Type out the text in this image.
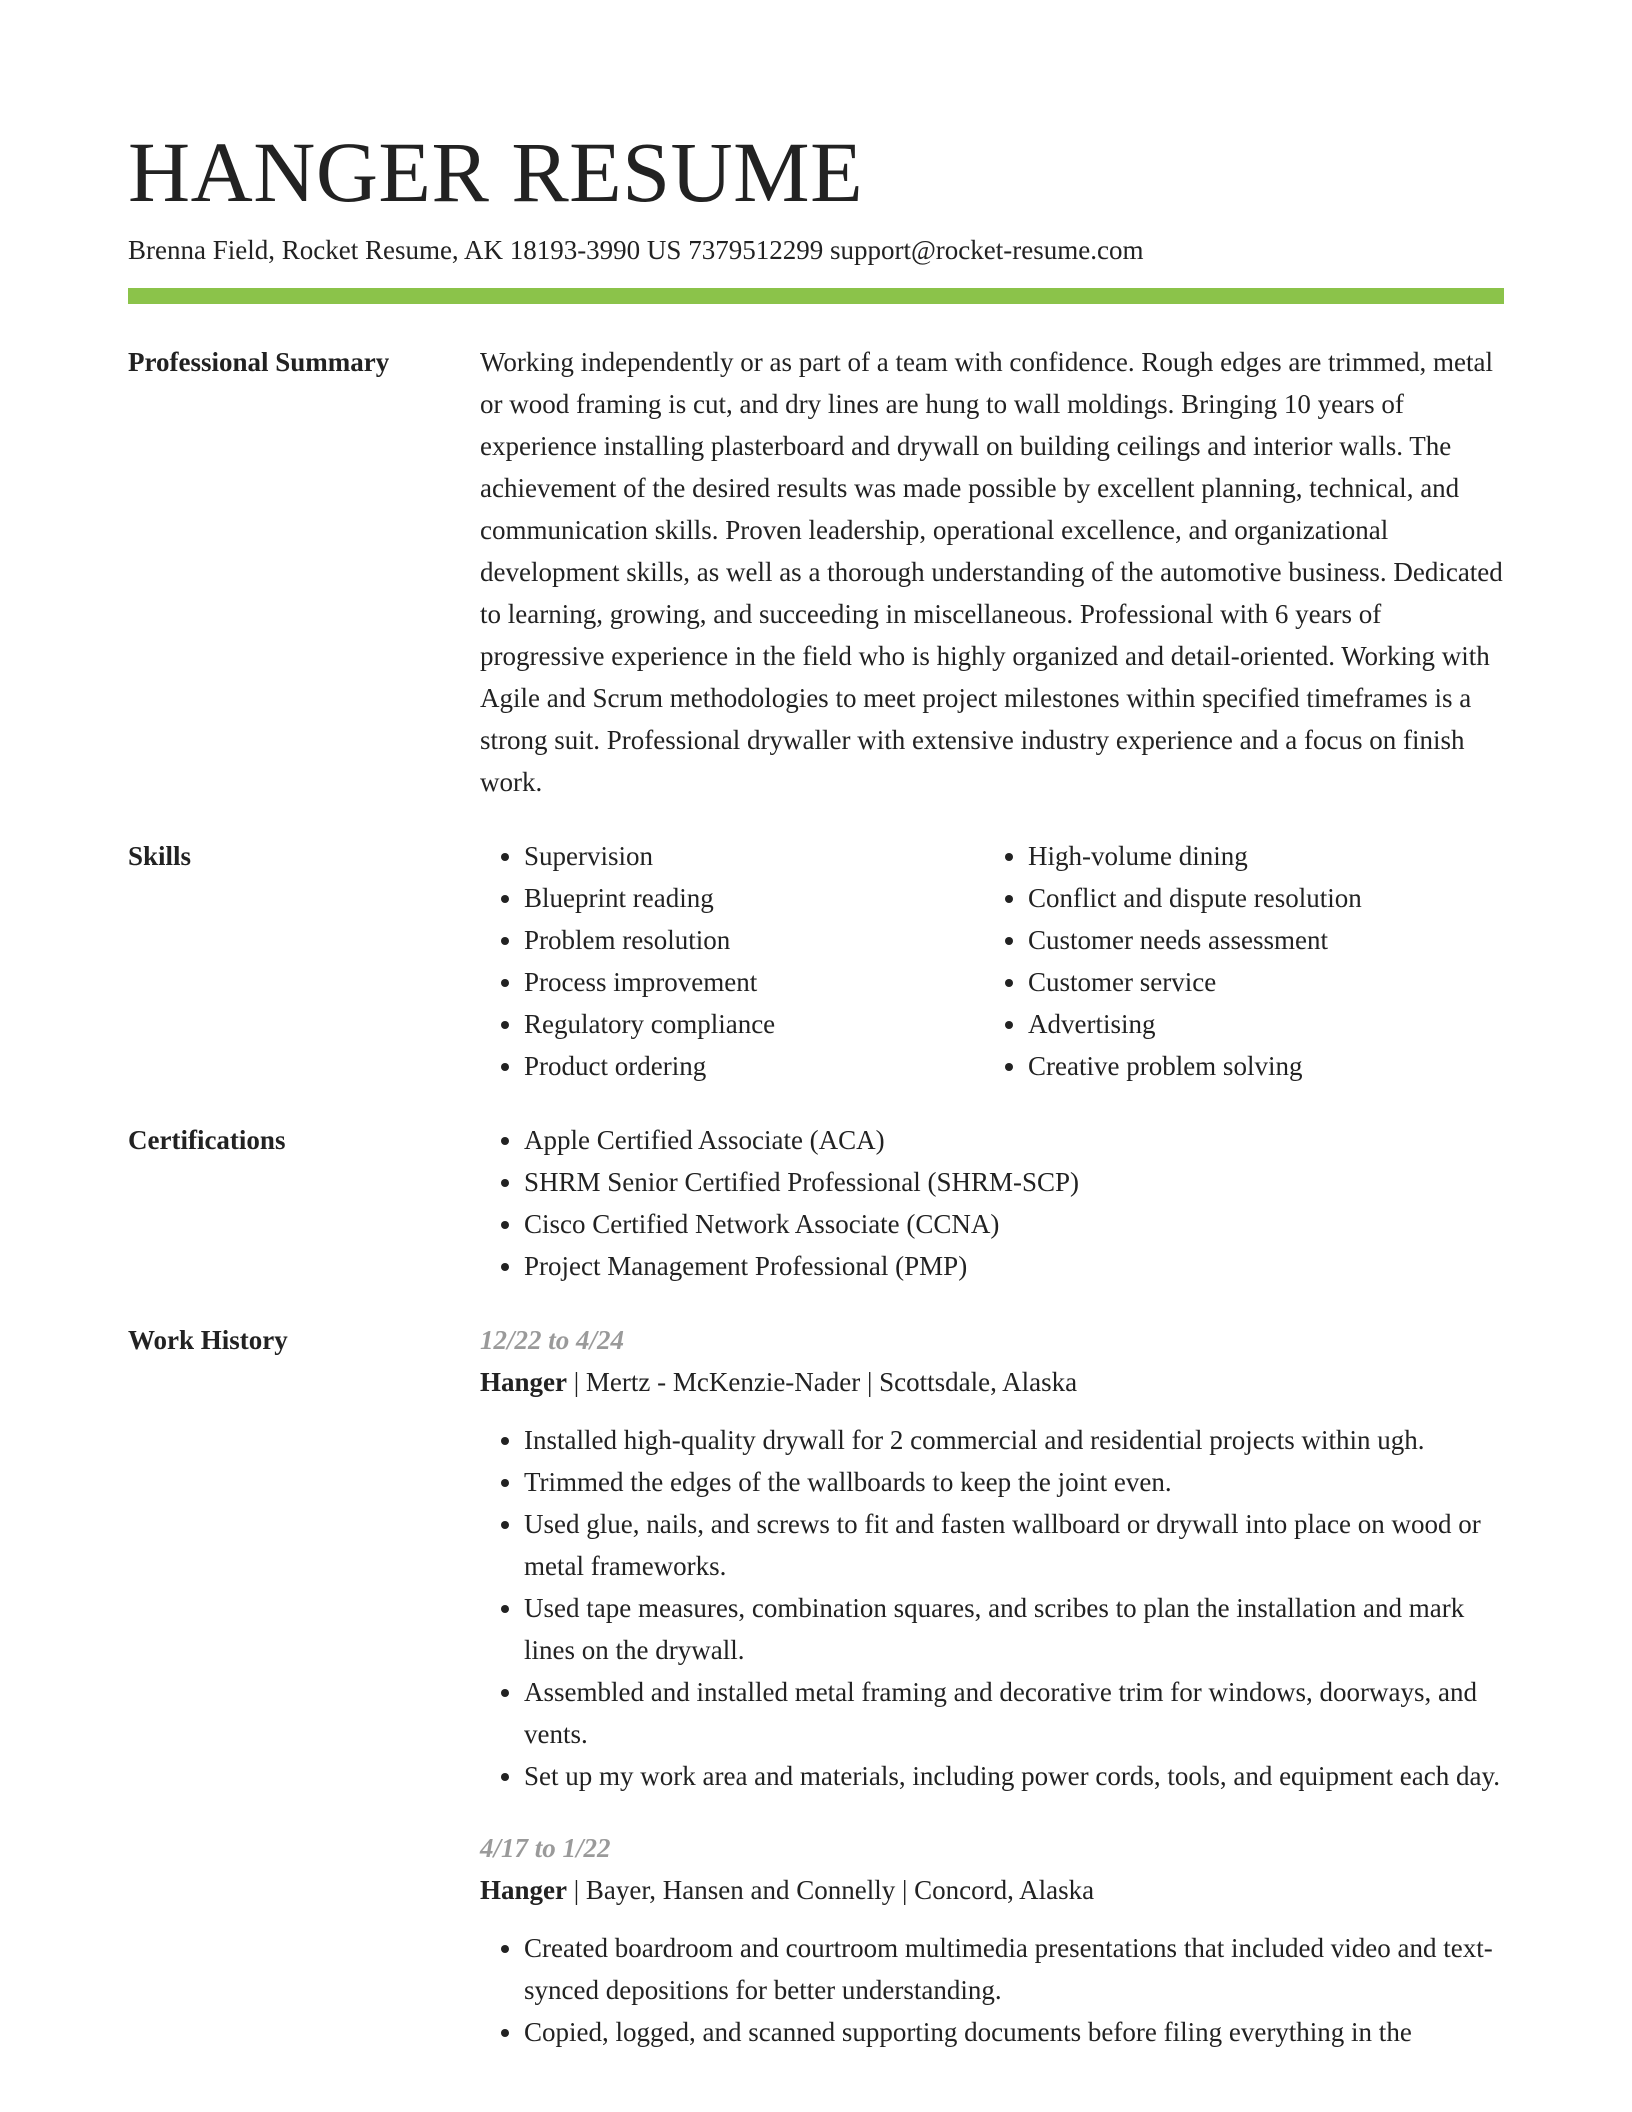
HANGER RESUME
Brenna Field, Rocket Resume, AK 18193-3990 US 7379512299 support@rocket-resume.com
Professional Summary	Working independently or as part of a team with confidence. Rough edges are trimmed, metal or wood framing is cut, and dry lines are hung to wall moldings. Bringing 10 years of experience installing plasterboard and drywall on building ceilings and interior walls. The achievement of the desired results was made possible by excellent planning, technical, and communication skills. Proven leadership, operational excellence, and organizational development skills, as well as a thorough understanding of the automotive business. Dedicated to learning, growing, and succeeding in miscellaneous. Professional with 6 years of progressive experience in the field who is highly organized and detail-oriented. Working with Agile and Scrum methodologies to meet project milestones within specified timeframes is a strong suit. Professional drywaller with extensive industry experience and a focus on finish work.

Skills	• Supervision
• Blueprint reading
• Problem resolution
• Process improvement
• Regulatory compliance
• Product ordering
• High-volume dining
• Conflict and dispute resolution
• Customer needs assessment
• Customer service
• Advertising
• Creative problem solving
Certifications	• Apple Certified Associate (ACA)
• SHRM Senior Certified Professional (SHRM-SCP)
• Cisco Certified Network Associate (CCNA)
• Project Management Professional (PMP)
Work History	12/22 to 4/24
Hanger | Mertz - McKenzie-Nader | Scottsdale, Alaska
• Installed high-quality drywall for 2 commercial and residential projects within ugh.
• Trimmed the edges of the wallboards to keep the joint even.
• Used glue, nails, and screws to fit and fasten wallboard or drywall into place on wood or metal frameworks.
• Used tape measures, combination squares, and scribes to plan the installation and mark lines on the drywall.
• Assembled and installed metal framing and decorative trim for windows, doorways, and vents.
• Set up my work area and materials, including power cords, tools, and equipment each day.
4/17 to 1/22
Hanger | Bayer, Hansen and Connelly | Concord, Alaska
• Created boardroom and courtroom multimedia presentations that included video and text-synced depositions for better understanding.
• Copied, logged, and scanned supporting documents before filing everything in the
